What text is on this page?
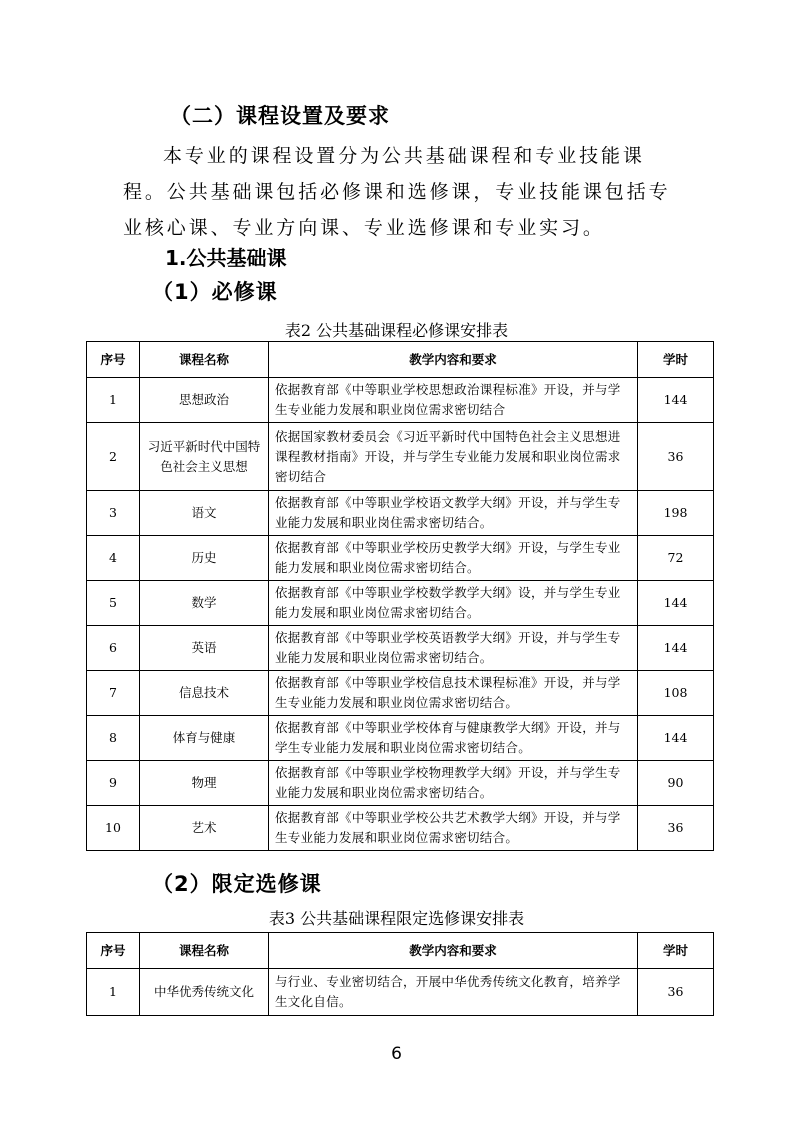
（二）课程设置及要求
本专业的课程设置分为公共基础课程和专业技能课程。公共基础课包括必修课和选修课，专业技能课包括专业核心课、专业方向课、专业选修课和专业实习。
1.公共基础课
（1）必修课
表2 公共基础课程必修课安排表
序号	课程名称	教学内容和要求	学时
1	思想政治	依据教育部《中等职业学校思想政治课程标准》开设，并与学生专业能力发展和职业岗位需求密切结合	144
2	习近平新时代中国特色社会主义思想	依据国家教材委员会《习近平新时代中国特色社会主义思想进课程教材指南》开设，并与学生专业能力发展和职业岗位需求密切结合	36
3	语文	依据教育部《中等职业学校语文教学大纲》开设，并与学生专业能力发展和职业岗住需求密切结合。	198
4	历史	依据教育部《中等职业学校历史教学大纲》开设，与学生专业能力发展和职业岗位需求密切结合。	72
5	数学	依据教育部《中等职业学校数学教学大纲》设，并与学生专业能力发展和职业岗位需求密切结合。	144
6	英语	依据教育部《中等职业学校英语教学大纲》开设，并与学生专业能力发展和职业岗位需求密切结合。	144
7	信息技术	依据教育部《中等职业学校信息技术课程标准》开设，并与学生专业能力发展和职业岗位需求密切结合。	108
8	体育与健康	依据教育部《中等职业学校体育与健康教学大纲》开设，并与学生专业能力发展和职业岗位需求密切结合。	144
9	物理	依据教育部《中等职业学校物理教学大纲》开设，并与学生专业能力发展和职业岗位需求密切结合。	90
10	艺术	依据教育部《中等职业学校公共艺术教学大纲》开设，并与学生专业能力发展和职业岗位需求密切结合。	36
（2）限定选修课
表3 公共基础课程限定选修课安排表
序号	课程名称	教学内容和要求	学时
1	中华优秀传统文化	与行业、专业密切结合，开展中华优秀传统文化教育，培养学生文化自信。	36
6
